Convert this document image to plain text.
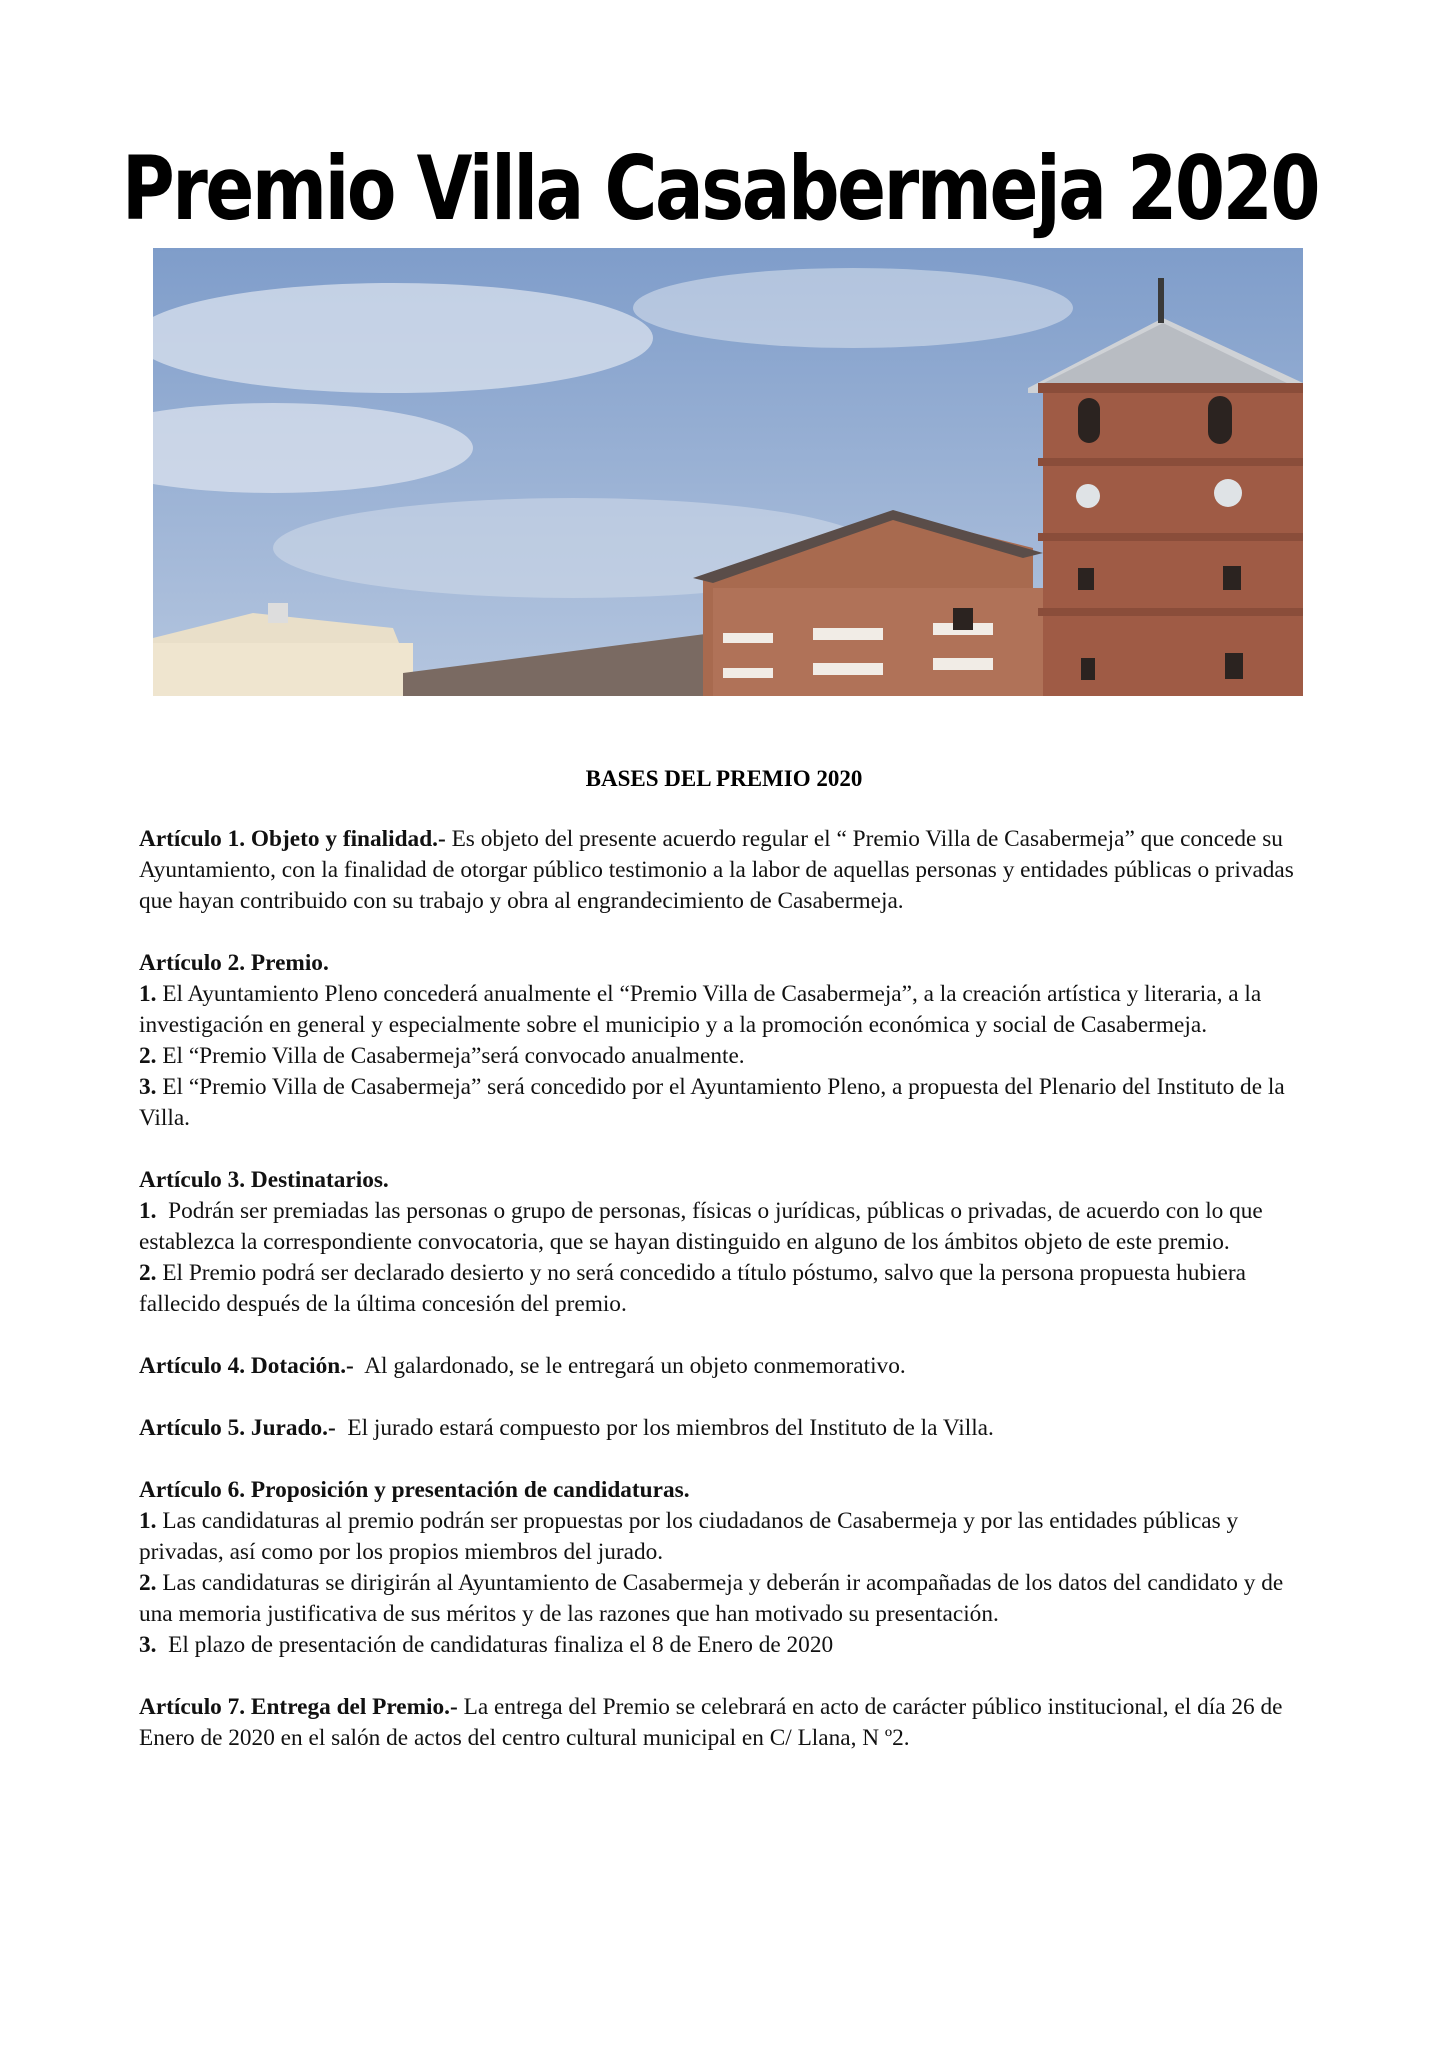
Premio Villa Casabermeja 2020
BASES DEL PREMIO 2020

Artículo 1. Objeto y finalidad.- Es objeto del presente acuerdo regular el “ Premio Villa de Casabermeja” que concede su Ayuntamiento, con la finalidad de otorgar público testimonio a la labor de aquellas personas y entidades públicas o privadas que hayan contribuido con su trabajo y obra al engrandecimiento de Casabermeja.

Artículo 2. Premio.

1. El Ayuntamiento Pleno concederá anualmente el “Premio Villa de Casabermeja”, a la creación artística y literaria, a la investigación en general y especialmente sobre el municipio y a la promoción económica y social de Casabermeja.

2. El “Premio Villa de Casabermeja”será convocado anualmente.

3. El “Premio Villa de Casabermeja” será concedido por el Ayuntamiento Pleno, a propuesta del Plenario del Instituto de la Villa.

Artículo 3. Destinatarios.

1. Podrán ser premiadas las personas o grupo de personas, físicas o jurídicas, públicas o privadas, de acuerdo con lo que establezca la correspondiente convocatoria, que se hayan distinguido en alguno de los ámbitos objeto de este premio.

2. El Premio podrá ser declarado desierto y no será concedido a título póstumo, salvo que la persona propuesta hubiera fallecido después de la última concesión del premio.

Artículo 4. Dotación.- Al galardonado, se le entregará un objeto conmemorativo.

Artículo 5. Jurado.- El jurado estará compuesto por los miembros del Instituto de la Villa.

Artículo 6. Proposición y presentación de candidaturas.

1. Las candidaturas al premio podrán ser propuestas por los ciudadanos de Casabermeja y por las entidades públicas y privadas, así como por los propios miembros del jurado.

2. Las candidaturas se dirigirán al Ayuntamiento de Casabermeja y deberán ir acompañadas de los datos del candidato y de una memoria justificativa de sus méritos y de las razones que han motivado su presentación.

3. El plazo de presentación de candidaturas finaliza el 8 de Enero de 2020

Artículo 7. Entrega del Premio.- La entrega del Premio se celebrará en acto de carácter público institucional, el día 26 de Enero de 2020 en el salón de actos del centro cultural municipal en C/ Llana, N º2.
